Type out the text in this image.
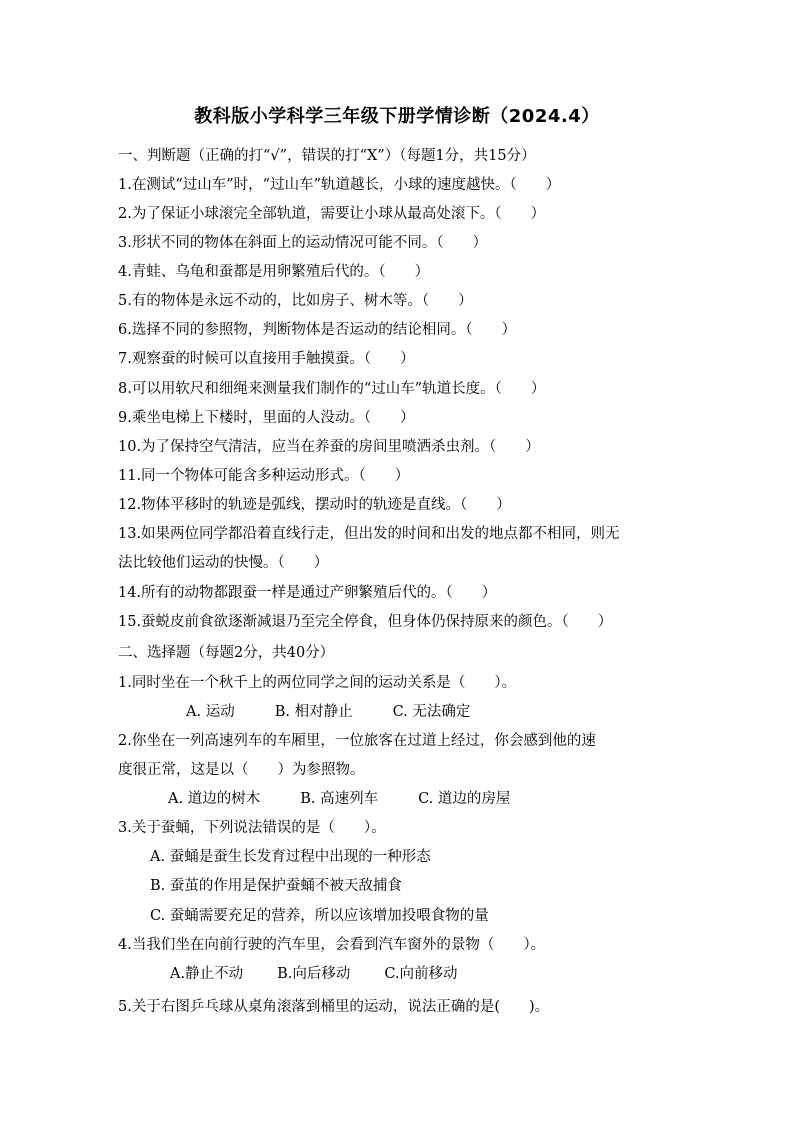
教科版小学科学三年级下册学情诊断（2024.4）
一、判断题（正确的打“√”，错误的打“X”）（每题1分，共15分）
1.在测试“过山车”时，“过山车”轨道越长，小球的速度越快。（　　）
2.为了保证小球滚完全部轨道，需要让小球从最高处滚下。（　　）
3.形状不同的物体在斜面上的运动情况可能不同。（　　）
4.青蛙、乌龟和蚕都是用卵繁殖后代的。（　　）
5.有的物体是永远不动的，比如房子、树木等。（　　）
6.选择不同的参照物，判断物体是否运动的结论相同。（　　）
7.观察蚕的时候可以直接用手触摸蚕。（　　）
8.可以用软尺和细绳来测量我们制作的“过山车”轨道长度。（　　）
9.乘坐电梯上下楼时，里面的人没动。（　　）
10.为了保持空气清洁，应当在养蚕的房间里喷洒杀虫剂。（　　）
11.同一个物体可能含多种运动形式。（　　）
12.物体平移时的轨迹是弧线，摆动时的轨迹是直线。（　　）
13.如果两位同学都沿着直线行走，但出发的时间和出发的地点都不相同，则无
法比较他们运动的快慢。（　　）
14.所有的动物都跟蚕一样是通过产卵繁殖后代的。（　　）
15.蚕蜕皮前食欲逐渐减退乃至完全停食，但身体仍保持原来的颜色。（　　）
二、选择题（每题2分，共40分）
1.同时坐在一个秋千上的两位同学之间的运动关系是（　　）。
A. 运动	B. 相对静止	C. 无法确定
2.你坐在一列高速列车的车厢里，一位旅客在过道上经过，你会感到他的速
度很正常，这是以（　　）为参照物。
A. 道边的树木	B. 高速列车	C. 道边的房屋
3.关于蚕蛹，下列说法错误的是（　　）。
A. 蚕蛹是蚕生长发育过程中出现的一种形态
B. 蚕茧的作用是保护蚕蛹不被天敌捕食
C. 蚕蛹需要充足的营养，所以应该增加投喂食物的量
4.当我们坐在向前行驶的汽车里，会看到汽车窗外的景物（　　）。
A.静止不动 B.向后移动 C.向前移动
5.关于右图乒乓球从桌角滚落到桶里的运动，说法正确的是(　　)。
